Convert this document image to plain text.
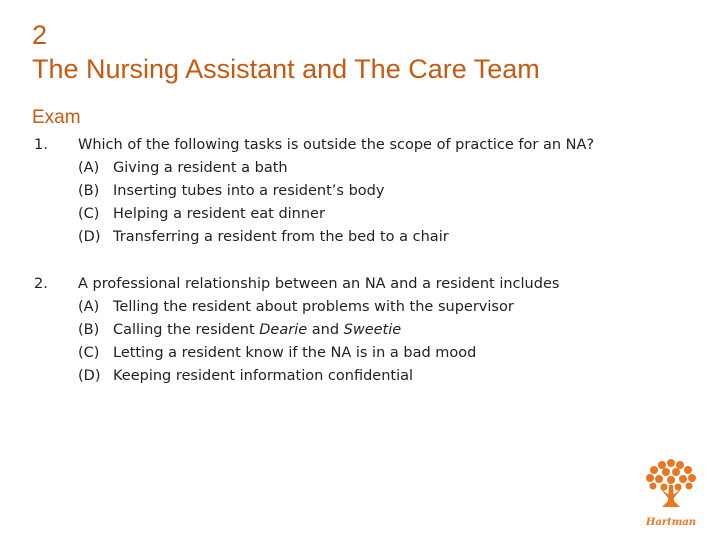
2
The Nursing Assistant and The Care Team
Exam
1.	Which of the following tasks is outside the scope of practice for an NA?
(A) Giving a resident a bath
(B) Inserting tubes into a resident’s body
(C) Helping a resident eat dinner
(D) Transferring a resident from the bed to a chair
2.	A professional relationship between an NA and a resident includes
(A) Telling the resident about problems with the supervisor
(B) Calling the resident Dearie and Sweetie
(C) Letting a resident know if the NA is in a bad mood
(D) Keeping resident information confidential
Hartman
